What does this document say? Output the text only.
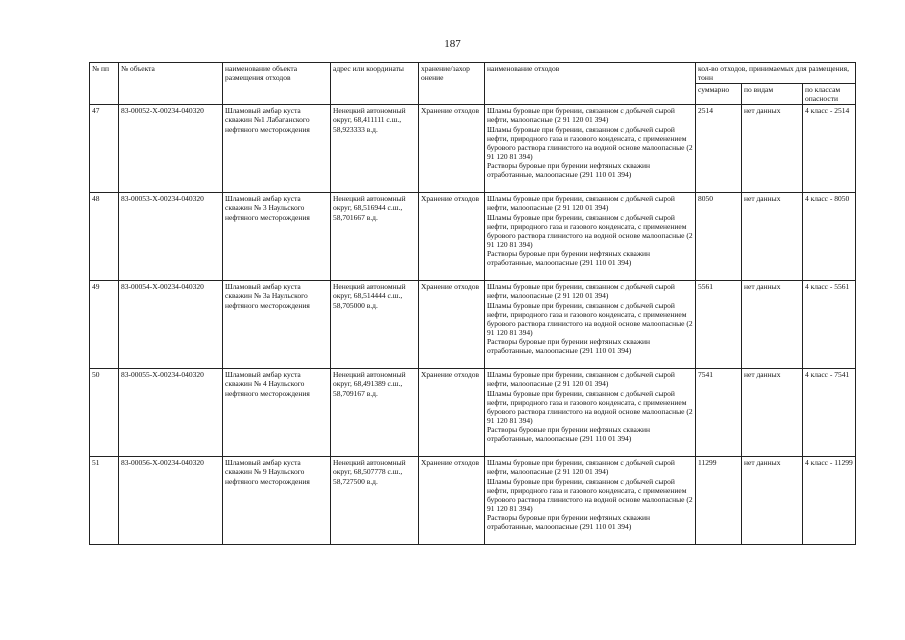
187
№ пп	№ объекта	наименование объекта размещения отходов	адрес или координаты	хранение/захор онение	наименование отходов	кол-во отходов, принимаемых для размещения, тонн		
						суммарно	по видам	по классам опасности
47	83-00052-Х-00234-040320	Шламовый амбар куста скважин №1 Лабаганского нефтяного месторождения	Ненецкий автономный округ, 68,411111 с.ш., 58,923333 в.д.	Хранение отходов	Шламы буровые при бурении, связанном с добычей сырой нефти, малоопасные (2 91 120 01 394)
Шламы буровые при бурении, связанном с добычей сырой нефти, природного газа и газового конденсата, с применением бурового раствора глинистого на водной основе малоопасные (2 91 120 81 394)
Растворы буровые при бурении нефтяных скважин отработанные, малоопасные (291 110 01 394)	2514	нет данных	4 класс - 2514
48	83-00053-Х-00234-040320	Шламовый амбар куста скважин № 3 Наульского нефтяного месторождения	Ненецкий автономный округ, 68,516944 с.ш., 58,701667 в.д.	Хранение отходов	Шламы буровые при бурении, связанном с добычей сырой нефти, малоопасные (2 91 120 01 394)
Шламы буровые при бурении, связанном с добычей сырой нефти, природного газа и газового конденсата, с применением бурового раствора глинистого на водной основе малоопасные (2 91 120 81 394)
Растворы буровые при бурении нефтяных скважин отработанные, малоопасные (291 110 01 394)	8050	нет данных	4 класс - 8050
49	83-00054-Х-00234-040320	Шламовый амбар куста скважин № 3а Наульского нефтяного месторождения	Ненецкий автономный округ, 68,514444 с.ш., 58,705000 в.д.	Хранение отходов	Шламы буровые при бурении, связанном с добычей сырой нефти, малоопасные (2 91 120 01 394)
Шламы буровые при бурении, связанном с добычей сырой нефти, природного газа и газового конденсата, с применением бурового раствора глинистого на водной основе малоопасные (2 91 120 81 394)
Растворы буровые при бурении нефтяных скважин отработанные, малоопасные (291 110 01 394)	5561	нет данных	4 класс - 5561
50	83-00055-Х-00234-040320	Шламовый амбар куста скважин № 4 Наульского нефтяного месторождения	Ненецкий автономный округ, 68,491389 с.ш., 58,709167 в.д.	Хранение отходов	Шламы буровые при бурении, связанном с добычей сырой нефти, малоопасные (2 91 120 01 394)
Шламы буровые при бурении, связанном с добычей сырой нефти, природного газа и газового конденсата, с применением бурового раствора глинистого на водной основе малоопасные (2 91 120 81 394)
Растворы буровые при бурении нефтяных скважин отработанные, малоопасные (291 110 01 394)	7541	нет данных	4 класс - 7541
51	83-00056-Х-00234-040320	Шламовый амбар куста скважин № 9 Наульского нефтяного месторождения	Ненецкий автономный округ, 68,507778 с.ш., 58,727500 в.д.	Хранение отходов	Шламы буровые при бурении, связанном с добычей сырой нефти, малоопасные (2 91 120 01 394)
Шламы буровые при бурении, связанном с добычей сырой нефти, природного газа и газового конденсата, с применением бурового раствора глинистого на водной основе малоопасные (2 91 120 81 394)
Растворы буровые при бурении нефтяных скважин отработанные, малоопасные (291 110 01 394)	11299	нет данных	4 класс - 11299
